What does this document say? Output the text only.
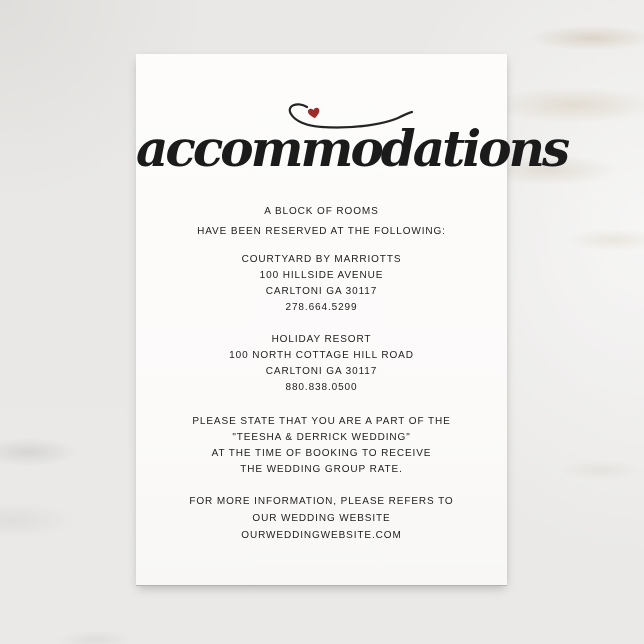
accommodations

A BLOCK OF ROOMS
HAVE BEEN RESERVED AT THE FOLLOWING:

COURTYARD BY MARRIOTTS
100 HILLSIDE AVENUE
CARLTONI GA 30117
278.664.5299

HOLIDAY RESORT
100 NORTH COTTAGE HILL ROAD
CARLTONI GA 30117
880.838.0500

PLEASE STATE THAT YOU ARE A PART OF THE
"TEESHA & DERRICK WEDDING"
AT THE TIME OF BOOKING TO RECEIVE
THE WEDDING GROUP RATE.

FOR MORE INFORMATION, PLEASE REFERS TO
OUR WEDDING WEBSITE
OURWEDDINGWEBSITE.COM
